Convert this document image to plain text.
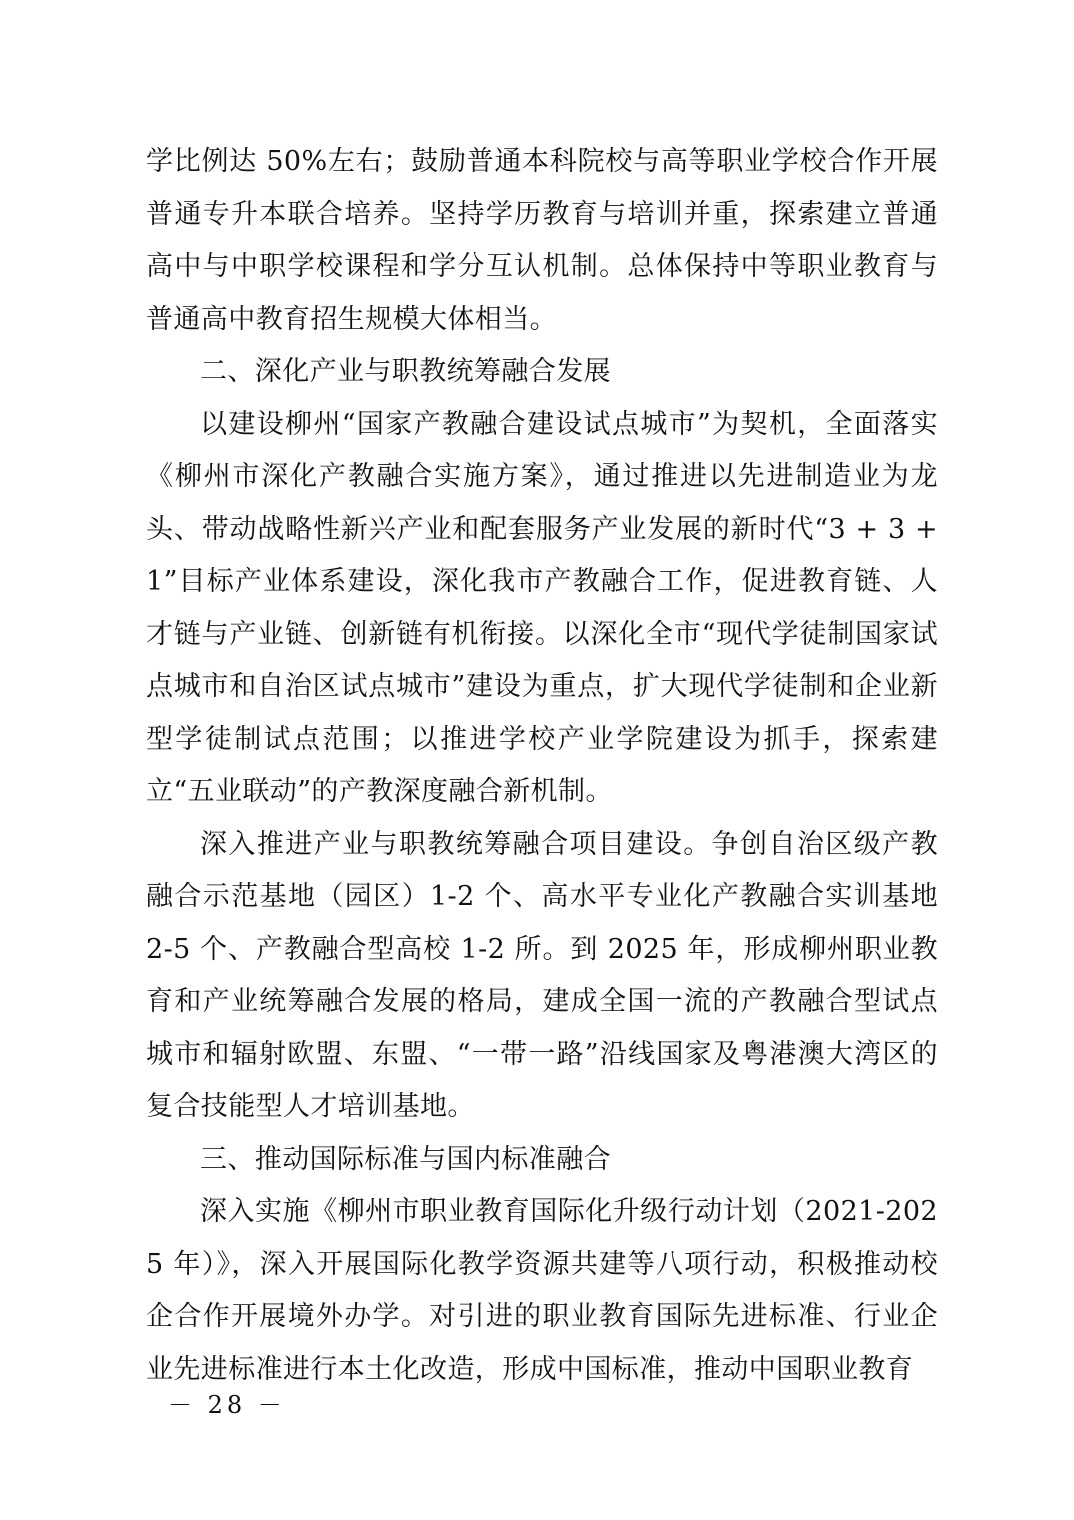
学比例达 50%左右；鼓励普通本科院校与高等职业学校合作开展普通专升本联合培养。坚持学历教育与培训并重，探索建立普通高中与中职学校课程和学分互认机制。总体保持中等职业教育与普通高中教育招生规模大体相当。

二、深化产业与职教统筹融合发展

以建设柳州“国家产教融合建设试点城市”为契机，全面落实《柳州市深化产教融合实施方案》，通过推进以先进制造业为龙头、带动战略性新兴产业和配套服务产业发展的新时代“3 + 3 + 1”目标产业体系建设，深化我市产教融合工作，促进教育链、人才链与产业链、创新链有机衔接。以深化全市“现代学徒制国家试点城市和自治区试点城市”建设为重点，扩大现代学徒制和企业新型学徒制试点范围；以推进学校产业学院建设为抓手，探索建立“五业联动”的产教深度融合新机制。

深入推进产业与职教统筹融合项目建设。争创自治区级产教融合示范基地（园区）1-2 个、高水平专业化产教融合实训基地 2-5 个、产教融合型高校 1-2 所。到 2025 年，形成柳州职业教育和产业统筹融合发展的格局，建成全国一流的产教融合型试点城市和辐射欧盟、东盟、“一带一路”沿线国家及粤港澳大湾区的复合技能型人才培训基地。

三、推动国际标准与国内标准融合

深入实施《柳州市职业教育国际化升级行动计划（2021-2025 年）》，深入开展国际化教学资源共建等八项行动，积极推动校企合作开展境外办学。对引进的职业教育国际先进标准、行业企业先进标准进行本土化改造，形成中国标准，推动中国职业教育

－ 28 －
